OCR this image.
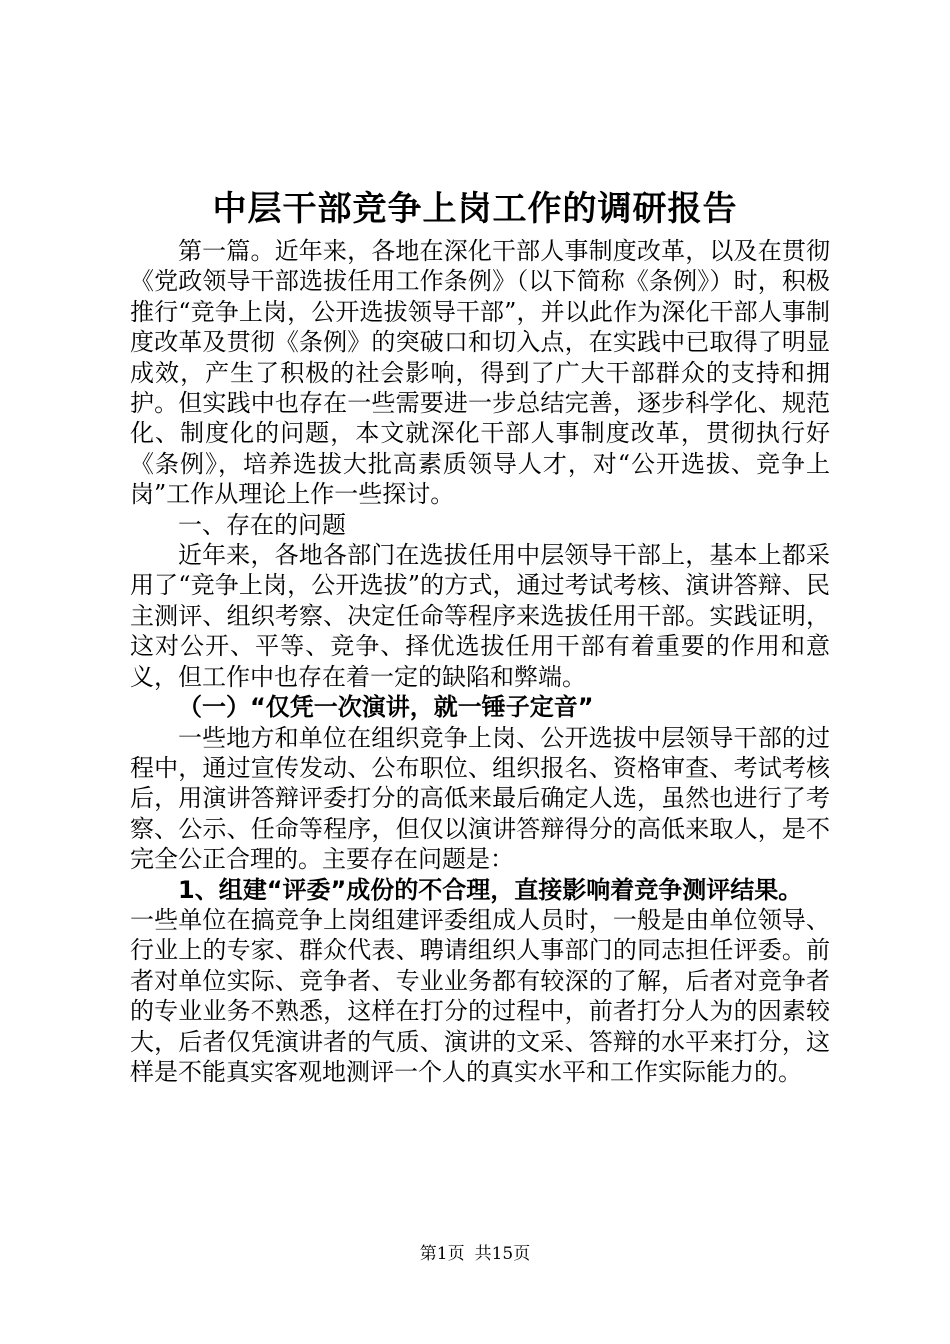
中层干部竞争上岗工作的调研报告

第一篇。近年来，各地在深化干部人事制度改革，以及在贯彻《党政领导干部选拔任用工作条例》（以下简称《条例》）时，积极推行“竞争上岗，公开选拔领导干部”，并以此作为深化干部人事制度改革及贯彻《条例》的突破口和切入点，在实践中已取得了明显成效，产生了积极的社会影响，得到了广大干部群众的支持和拥护。但实践中也存在一些需要进一步总结完善，逐步科学化、规范化、制度化的问题，本文就深化干部人事制度改革，贯彻执行好《条例》，培养选拔大批高素质领导人才，对“公开选拔、竞争上岗”工作从理论上作一些探讨。

一、存在的问题

近年来，各地各部门在选拔任用中层领导干部上，基本上都采用了“竞争上岗，公开选拔”的方式，通过考试考核、演讲答辩、民主测评、组织考察、决定任命等程序来选拔任用干部。实践证明，这对公开、平等、竞争、择优选拔任用干部有着重要的作用和意义，但工作中也存在着一定的缺陷和弊端。

（一）“仅凭一次演讲，就一锤子定音”

一些地方和单位在组织竞争上岗、公开选拔中层领导干部的过程中，通过宣传发动、公布职位、组织报名、资格审查、考试考核后，用演讲答辩评委打分的高低来最后确定人选，虽然也进行了考察、公示、任命等程序，但仅以演讲答辩得分的高低来取人，是不完全公正合理的。主要存在问题是：

1、组建“评委”成份的不合理，直接影响着竞争测评结果。

一些单位在搞竞争上岗组建评委组成人员时，一般是由单位领导、行业上的专家、群众代表、聘请组织人事部门的同志担任评委。前者对单位实际、竞争者、专业业务都有较深的了解，后者对竞争者的专业业务不熟悉，这样在打分的过程中，前者打分人为的因素较大，后者仅凭演讲者的气质、演讲的文采、答辩的水平来打分，这样是不能真实客观地测评一个人的真实水平和工作实际能力的。

第1页 共15页
